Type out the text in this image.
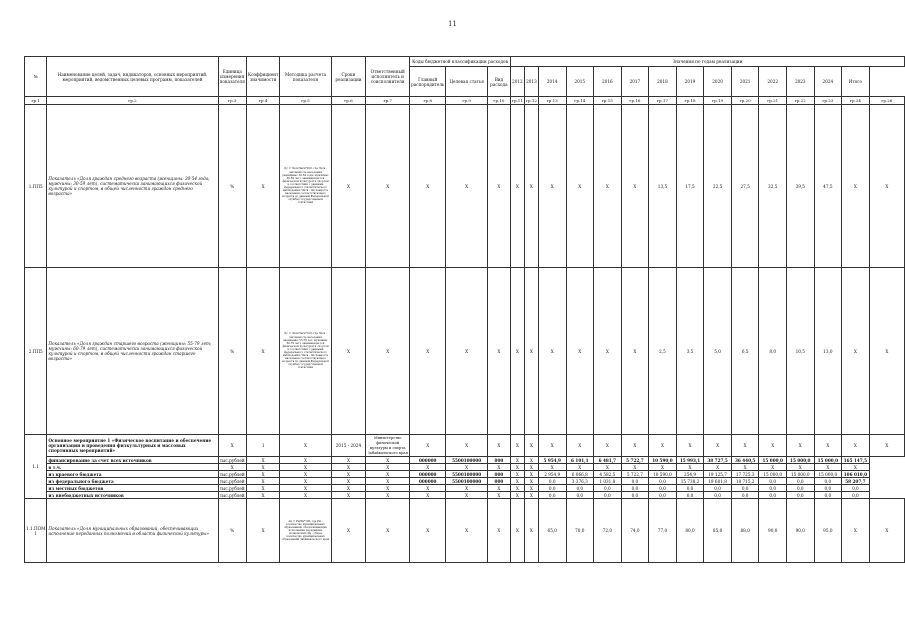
11
№	Наименование целей, задач, индикаторов, основных мероприятий, мероприятий, ведомственных целевых программ, показателей	Единица измерения показателя	Коэффициент значимости	Методика расчета показателя	Сроки реализации	Ответственный исполнитель и соисполнители	Коды бюджетной классификации расходов			Значения по годам реализации														
							Главный распорядитель	Целевая статья	Вид расхода	2012	2013	2014	2015	2016	2017	2018	2019	2020	2021	2022	2023	2024	Итого	
гр.1	гр.2	гр.3	гр.4	гр.5	гр.6	гр.7	гр.8	гр.9	гр.10	гр.11	гр.12	гр.13	гр.14	гр.15	гр.16	гр.17	гр.18	гр.19	гр.20	гр.21	гр.22	гр.23	гр.24	гр.26
1.ПП5	Показатель «Доля граждан среднего возраста (женщины: 30-54 года; мужчины: 30-59 лет), систематически занимающихся физической культурой и спортом, в общей численности граждан среднего возраста»	%	Х	Дс = Чзсв/Чнсв*100, где Чзсв - численность населения (женщины: 30-54 года; мужчины: 30-59 лет), занимающегося физической культурой и спортом в соответствии с данными федерального статистического наблюдения; Чнсв - численность населения соответствующего возраста по данным Федеральной службы государственной статистики	Х	Х	Х	Х	Х	Х	Х	Х	Х	Х	Х	13,5	17,5	22,5	27,5	32,5	39,5	47,5	Х	Х
2.ПП5	Показатель «Доля граждан старшего возраста (женщины: 55-79 лет; мужчины: 60-79 лет), систематически занимающихся физической культурой и спортом, в общей численности граждан старшего возраста»	%	Х	Дс = Чзсв/Чнсв*100, где Чзсв - численность населения (женщины: 55-79 лет; мужчины: 60-79 лет), занимающегося физической культурой и спортом в соответствии с данными федерального статистического наблюдения; Чнсв - численность населения соответствующего возраста по данным Федеральной службы государственной статистики	Х	Х	Х	Х	Х	Х	Х	Х	Х	Х	Х	2,5	3,5	5,0	6,5	8,0	10,5	13,0	Х	Х
1.1	Основное мероприятие 1 «Физическое воспитание и обеспечение организации и проведения физкультурных и массовых спортивных мероприятий»	Х	1	Х	2015 - 2024	Министерство физической культуры и спорта Забайкальского края	Х	Х	Х	Х	Х	Х	Х	Х	Х	Х	Х	Х	Х	Х	Х	Х	Х	Х
	финансирование за счет всех источников	тыс.рублей	Х	Х	Х	Х	000000	5500100000	000	Х	Х	5 954,9	6 101,1	6 481,7	5 722,7	10 590,0	15 993,1	38 727,5	36 440,5	15 000,0	15 000,0	15 000,0	165 147,5	
	в т.ч.	Х	Х	Х	Х	Х	Х	Х	Х	Х	Х	Х	Х	Х	Х	Х	Х	Х	Х	Х	Х	Х	Х	
	из краевого бюджета	тыс.рублей	Х	Х	Х	Х	000000	5500100000	000	Х	Х	2 954,9	6 066,8	4 582,5	5 722,7	10 590,0	254,9	19 125,7	17 725,3	15 000,0	15 000,0	15 000,0	106 010,0	
	из федерального бюджета	тыс.рублей	Х	Х	Х	Х	000000	5500100000	000	Х	Х	0,0	3 376,3	1 031,8	0,0	0,0	15 738,2	19 601,8	18 715,2	0,0	0,0	0,0	58 207,7	
	из местных бюджетов	тыс.рублей	Х	Х	Х	Х	Х	Х	Х	Х	Х	0,0	0,0	0,0	0,0	0,0	0,0	0,0	0,0	0,0	0,0	0,0	0,0	
	из внебюджетных источников	тыс.рублей	Х	Х	Х	Х	Х	Х	Х	Х	Х	0,0	0,0	0,0	0,0	0,0	0,0	0,0	0,0	0,0	0,0	0,0	0,0	
1.1.ПОМ 1	Показатель «Доля муниципальных образований, обеспечивающих исполнение переданных полномочий в области физической культуры»	%	Х	Ан = Рм/Рн*100, где Рм - количество муниципальных образований, обеспечивающих исполнение переданных полномочий; Рн - общее количество муниципальных образований Забайкальского края	Х	Х	Х	Х	Х	Х	Х	65,0	70,0	72,0	74,0	77,0	80,0	85,0	88,0	90,0	90,0	95,0	Х	Х
